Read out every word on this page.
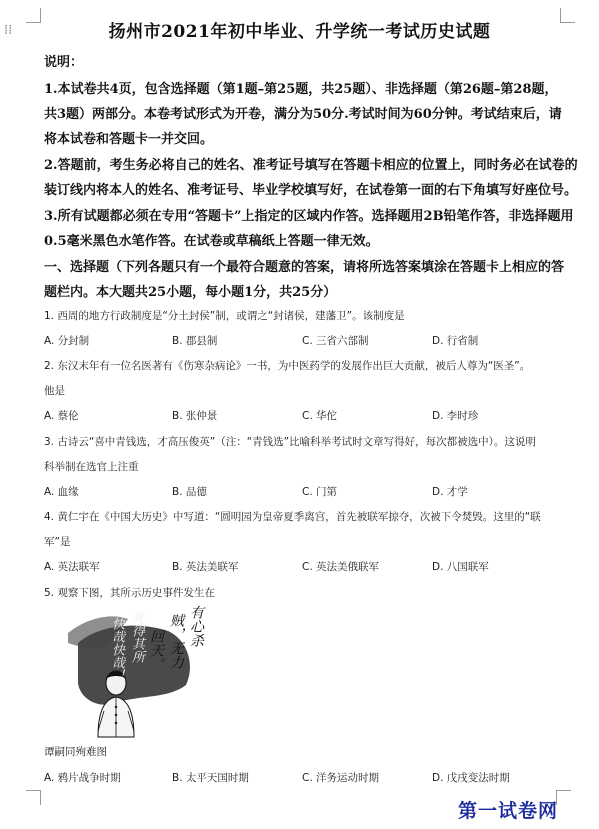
⁞⁞	扬州市2021年初中毕业、升学统一考试历史试题
说明：
1.本试卷共4页，包含选择题（第1题–第25题，共25题）、非选择题（第26题–第28题，
共3题）两部分。本卷考试形式为开卷，满分为50分.考试时间为60分钟。考试结束后，请
将本试卷和答题卡一并交回。
2.答题前，考生务必将自己的姓名、准考证号填写在答题卡相应的位置上，同时务必在试卷的
装订线内将本人的姓名、准考证号、毕业学校填写好，在试卷第一面的右下角填写好座位号。
3.所有试题都必须在专用“答题卡”上指定的区域内作答。选择题用2B铅笔作答，非选择题用
0.5毫米黑色水笔作答。在试卷或草稿纸上答题一律无效。
一、选择题（下列各题只有一个最符合题意的答案，请将所选答案填涂在答题卡上相应的答
题栏内。本大题共25小题，每小题1分，共25分）
1. 西周的地方行政制度是“分土封侯”制，或谓之“封诸侯，建藩卫”。该制度是
A. 分封制	B. 郡县制	C. 三省六部制	D. 行省制
2. 东汉末年有一位名医著有《伤寒杂病论》一书，为中医药学的发展作出巨大贡献，被后人尊为“医圣”。
他是
A. 蔡伦	B. 张仲景	C. 华佗	D. 李时珍
3. 古诗云“喜中青钱选，才高压俊英”（注：“青钱选”比喻科举考试时文章写得好，每次都被选中）。这说明
科举制在选官上注重
A. 血缘	B. 品德	C. 门第	D. 才学
4. 黄仁宇在《中国大历史》中写道：“圆明园为皇帝夏季离宫，首先被联军掠夺，次被下令焚毁。这里的“联
军”是
A. 英法联军	B. 英法美联军	C. 英法美俄联军	D. 八国联军
5. 观察下图，其所示历史事件发生在
有心杀
贼，无力
回天。
死得其所
快哉快哉！
谭嗣同殉难图
A. 鸦片战争时期	B. 太平天国时期	C. 洋务运动时期	D. 戊戌变法时期
第一试卷网
